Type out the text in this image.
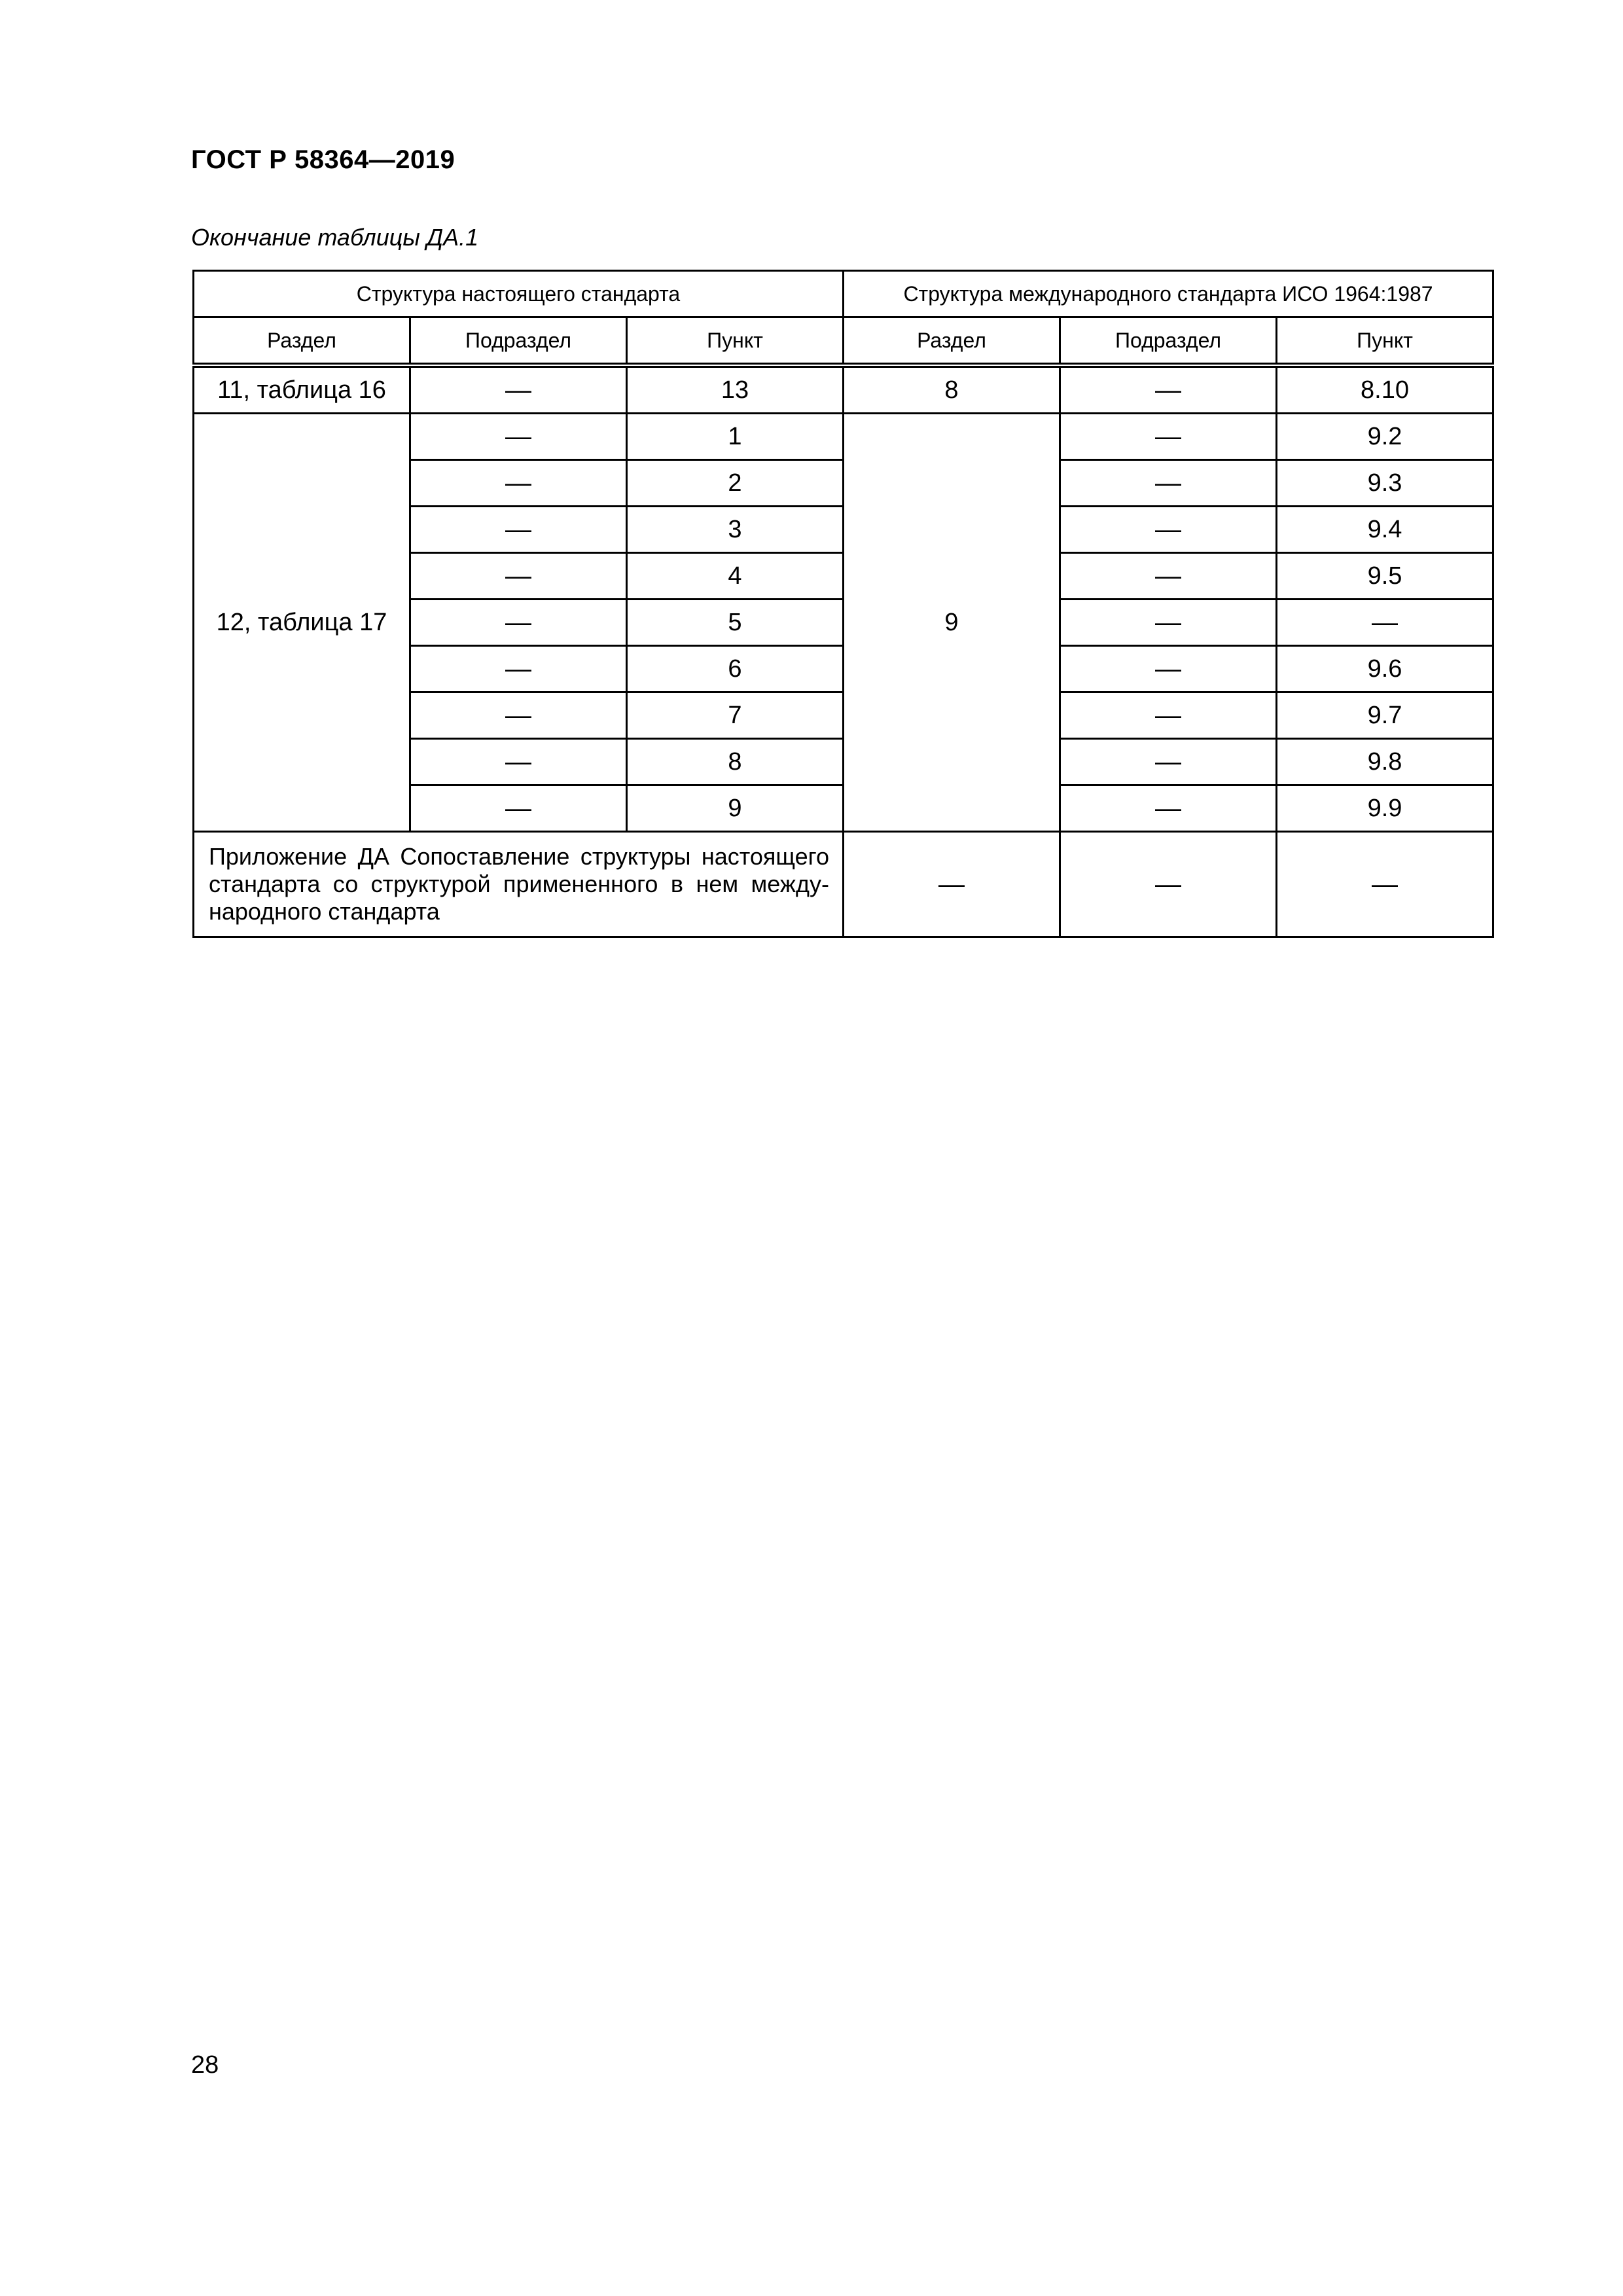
ГОСТ Р 58364—2019
Окончание таблицы ДА.1
Структура настоящего стандарта			Структура международного стандарта ИСО 1964:1987		
Раздел	Подраздел	Пункт	Раздел	Подраздел	Пункт
11, таблица 16	—	13	8	—	8.10
12, таблица 17	—	1	9	—	9.2
	—	2		—	9.3
	—	3		—	9.4
	—	4		—	9.5
	—	5		—	—
	—	6		—	9.6
	—	7		—	9.7
	—	8		—	9.8
	—	9		—	9.9
Приложение ДА Сопоставление структуры настоящего стандарта со структурой примененного в нем между-народного стандарта			—	—	—
28
